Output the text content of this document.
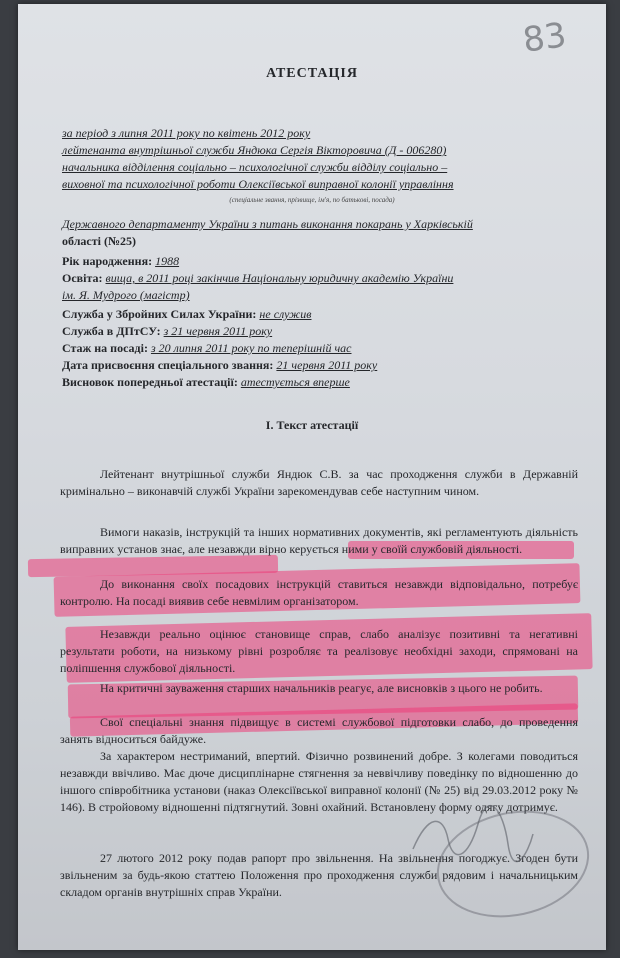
83
АТЕСТАЦІЯ
за період з липня 2011 року по квітень 2012 року
лейтенанта внутрішньої служби Яндюка Сергія Вікторовича (Д - 006280)
начальника відділення соціально – психологічної служби відділу соціально –
виховної та психологічної роботи Олексіївської виправної колонії управління
(спеціальне звання, прізвище, ім'я, по батькові, посада)
Державного департаменту України з питань виконання покарань у Харківській
області (№25)
Рік народження: 1988
Освіта: вища, в 2011 році закінчив Національну юридичну академію України
ім. Я. Мудрого (магістр)
Служба у Збройних Силах України: не служив
Служба в ДПтСУ: з 21 червня 2011 року
Стаж на посаді: з 20 липня 2011 року по теперішній час
Дата присвоєння спеціального звання: 21 червня 2011 року
Висновок попередньої атестації: атестується вперше
І. Текст атестації
Лейтенант внутрішньої служби Яндюк С.В. за час проходження служби в Державній кримінально – виконавчій службі України зарекомендував себе наступним чином.
Вимоги наказів, інструкцій та інших нормативних документів, які регламентують діяльність виправних установ знає, але незавжди вірно керується ними у своїй службовій діяльності.
До виконання своїх посадових інструкцій ставиться незавжди відповідально, потребує контролю. На посаді виявив себе невмілим організатором.
Незавжди реально оцінює становище справ, слабо аналізує позитивні та негативні результати роботи, на низькому рівні розробляє та реалізовує необхідні заходи, спрямовані на поліпшення службової діяльності.
На критичні зауваження старших начальників реагує, але висновків з цього не робить.
Свої спеціальні знання підвищує в системі службової підготовки слабо, до проведення занять відноситься байдуже.
За характером нестриманий, впертий. Фізично розвинений добре. З колегами поводиться незавжди ввічливо. Має дюче дисциплінарне стягнення за неввічливу поведінку по відношенню до іншого співробітника установи (наказ Олексіївської виправної колонії (№ 25) від 29.03.2012 року № 146). В стройовому відношенні підтягнутий. Зовні охайний. Встановлену форму одягу дотримує.
27 лютого 2012 року подав рапорт про звільнення. На звільнення погоджує. Згоден бути звільненим за будь-якою статтею Положення про проходження служби рядовим і начальницьким складом органів внутрішніх справ України.
